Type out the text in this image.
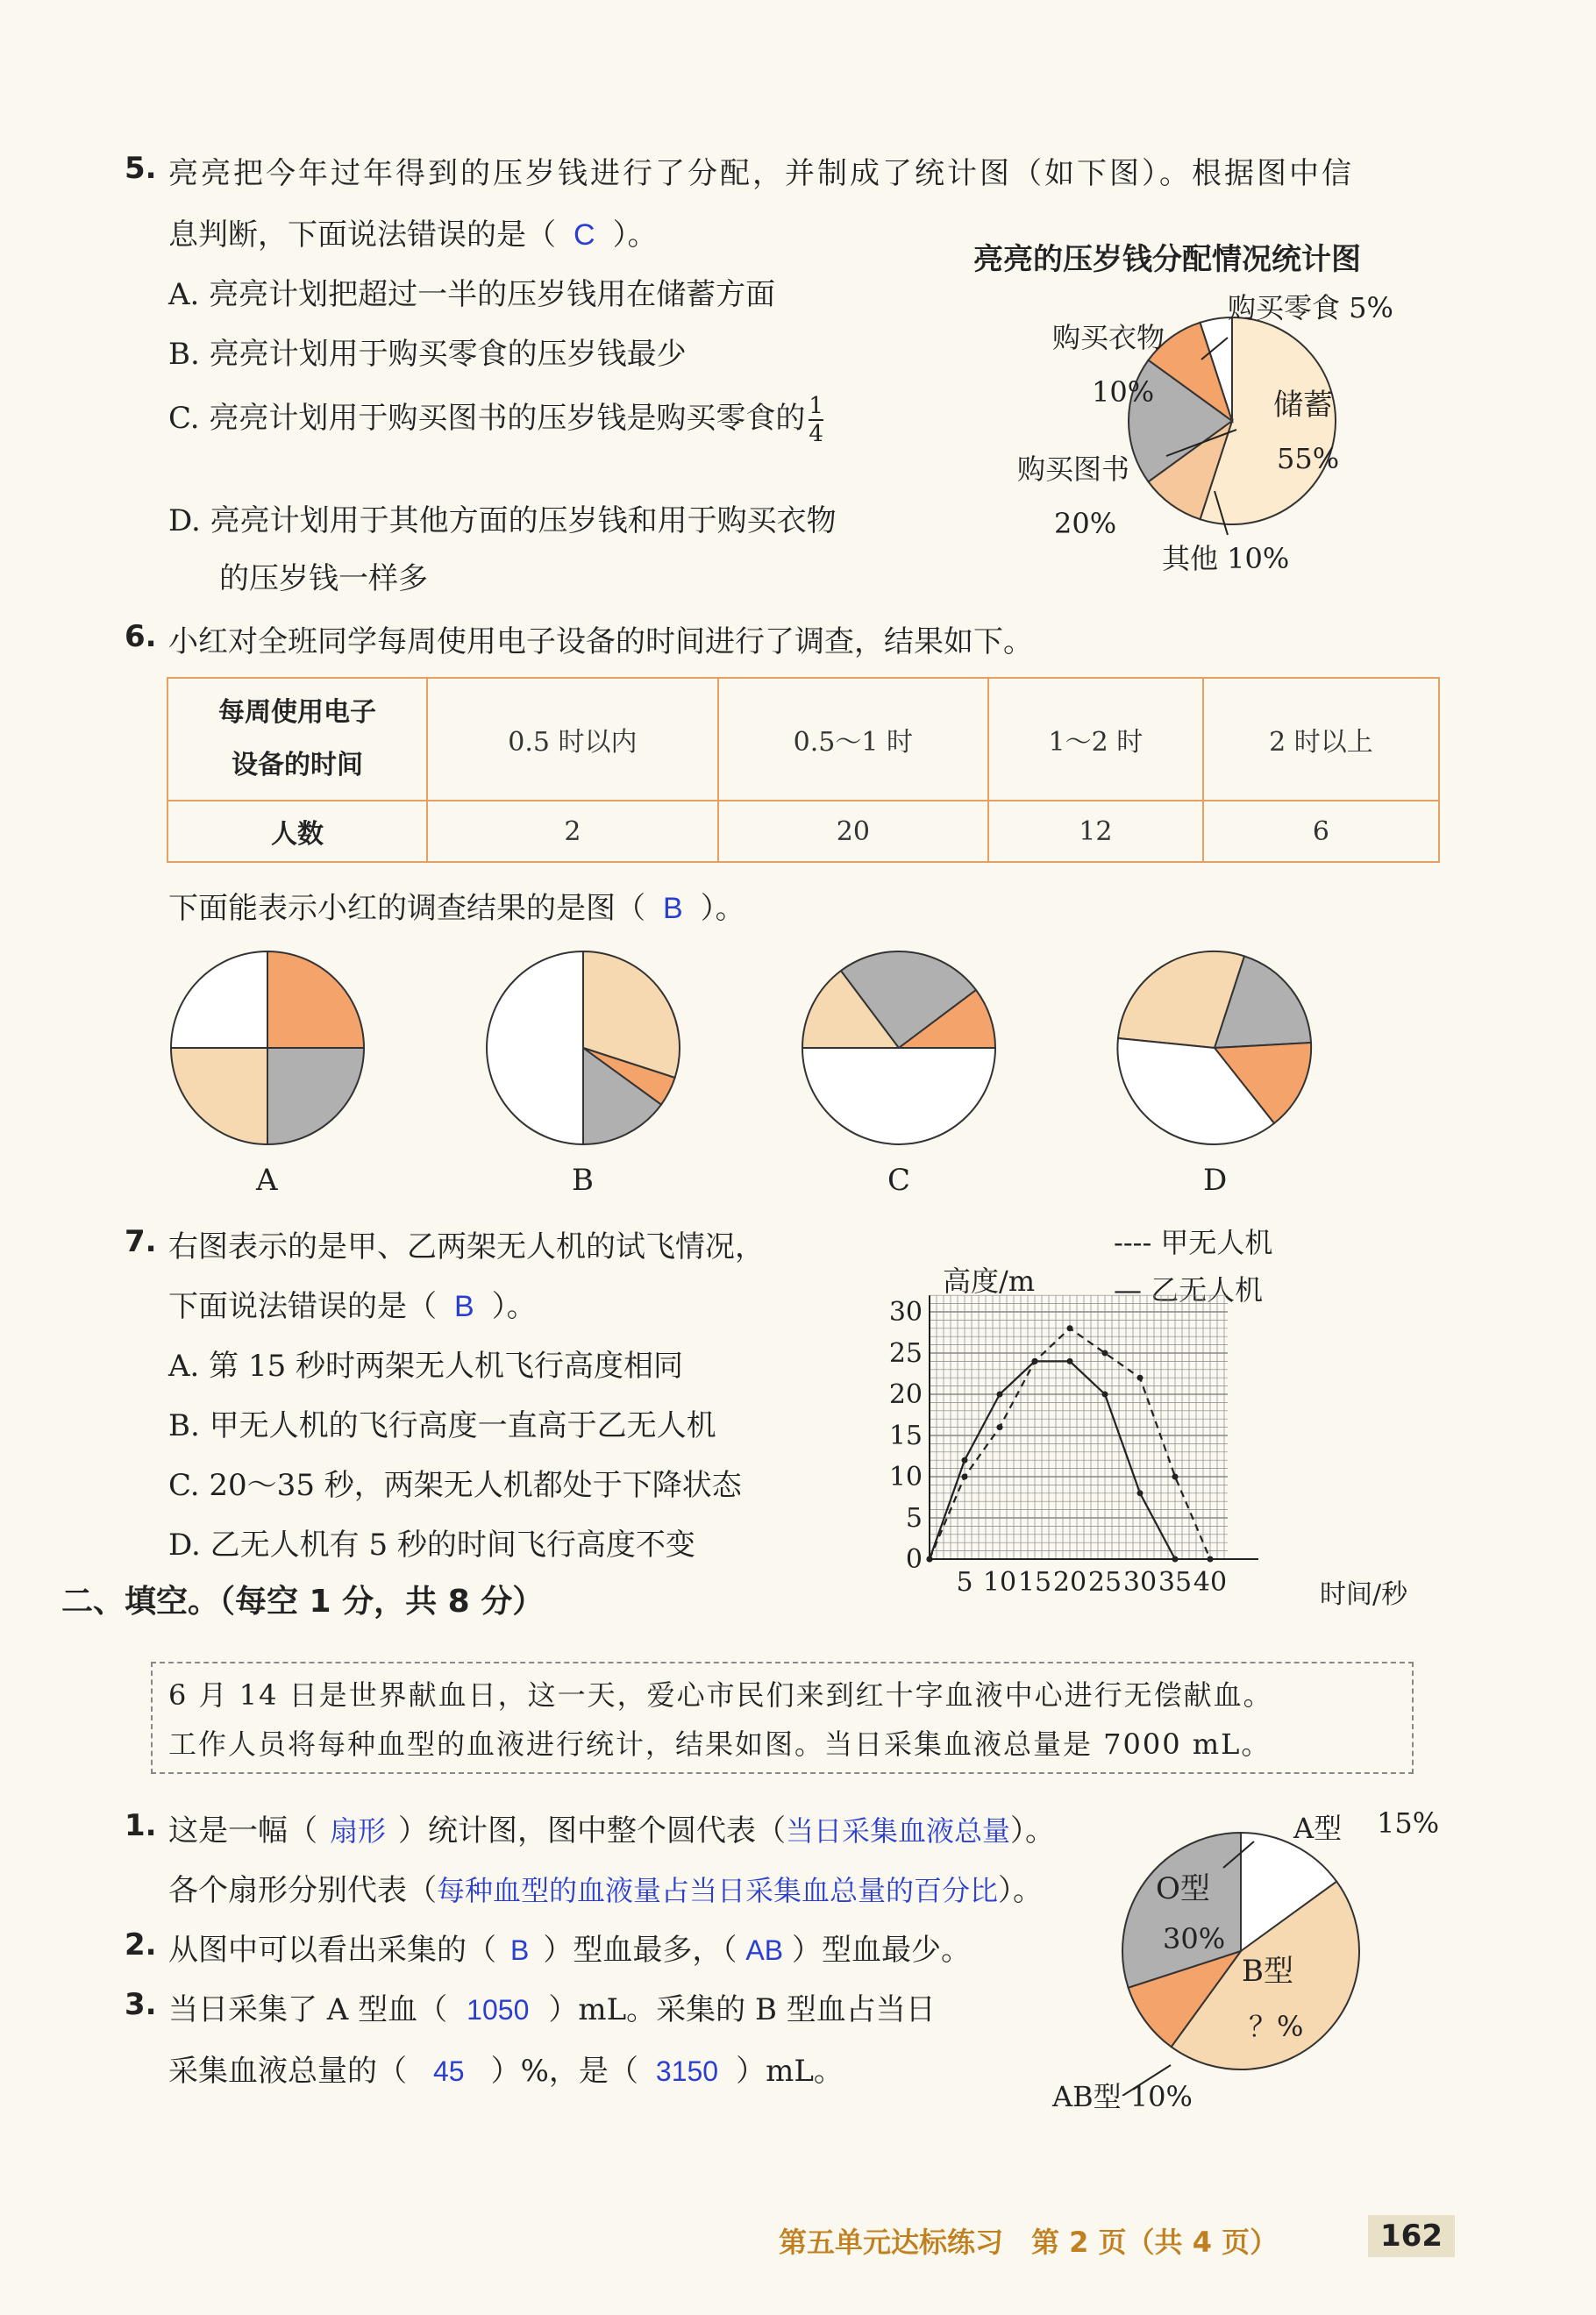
5. 亮亮把今年过年得到的压岁钱进行了分配，并制成了统计图（如下图）。根据图中信
息判断，下面说法错误的是（ C ）。
A. 亮亮计划把超过一半的压岁钱用在储蓄方面
B. 亮亮计划用于购买零食的压岁钱最少
C. 亮亮计划用于购买图书的压岁钱是购买零食的 $\frac{1}{4}$
D. 亮亮计划用于其他方面的压岁钱和用于购买衣物
的压岁钱一样多
亮亮的压岁钱分配情况统计图
购买零食 5%
购买衣物
10%	储蓄
55%
购买图书
20%
其他 10%
6. 小红对全班同学每周使用电子设备的时间进行了调查，结果如下。
每周使用电子
设备的时间	0.5 时以内	0.5～1 时	1～2 时	2 时以上
人数	2	20	12	6
下面能表示小红的调查结果的是图（ B ）。
A	B	C	D
7. 右图表示的是甲、乙两架无人机的试飞情况，
下面说法错误的是（ B ）。
A. 第 15 秒时两架无人机飞行高度相同
B. 甲无人机的飞行高度一直高于乙无人机
C. 20～35 秒，两架无人机都处于下降状态
D. 乙无人机有 5 秒的时间飞行高度不变
---- 甲无人机
— 乙无人机
0
5
10
15
20
25
30
5 10 15 20 25 30 35 40
高度/m
时间/秒
二、填空。（每空 1 分，共 8 分）
6 月 14 日是世界献血日，这一天，爱心市民们来到红十字血液中心进行无偿献血。
工作人员将每种血型的血液进行统计，结果如图。当日采集血液总量是 7000 mL。
1. 这是一幅（ 扇形 ）统计图，图中整个圆代表（当日采集血液总量）。
各个扇形分别代表（每种血型的血液量占当日采集血总量的百分比）。
2. 从图中可以看出采集的（ B ）型血最多，（ AB ）型血最少。
3. 当日采集了 A 型血（ 1050 ）mL。采集的 B 型血占当日
采集血液总量的（ 45 ）%，是（ 3150 ）mL。
A型 15%
O型
30%
B型
？%
AB型 10%
第五单元达标练习　第 2 页（共 4 页）	162
